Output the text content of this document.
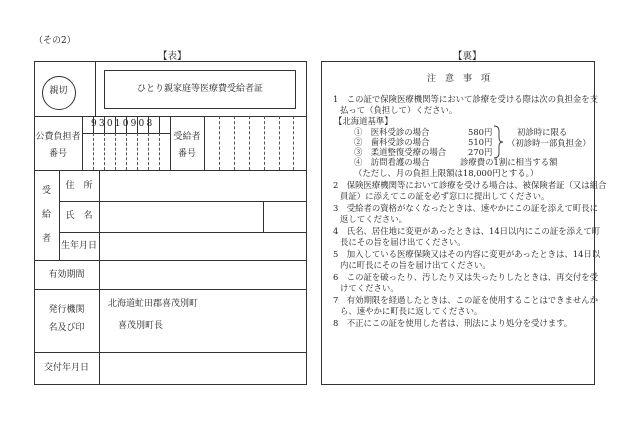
（その2）
【表】
親切	ひとり親家庭等医療費受給者証
公費負担者
番号
93010908
受給者
番号
受
給
者
住　所
氏　名
生年月日
有効期間
発行機関
名及び印
北海道虻田郡喜茂別町
喜茂別町長
交付年月日
【裏】
注　意　事　項
1　この証で保険医療機関等において診療を受ける際は次の負担金を支
払って（負担して）ください。
【北海道基準】
①　医科受診の場合	580円
②　歯科受診の場合	510円
③　柔道整復受療の場合	270円
④　訪問看護の場合	診療費の1割に相当する額
初診時に限る
（初診時一部負担金）
（ただし、月の負担上限額は18,000円とする。）
2　保険医療機関等において診療を受ける場合は、被保険者証（又は組合
員証）に添えてこの証を必ず窓口に提出してください。
3　受給者の資格がなくなったときは、速やかにこの証を添えて町長に
返してください。
4　氏名、居住地に変更があったときは、14日以内にこの証を添えて町
長にその旨を届け出てください。
5　加入している医療保険又はその内容に変更があったときは、14日以
内に町長にその旨を届け出てください。
6　この証を破ったり、汚したり又は失ったりしたときは、再交付を受
けてください。
7　有効期限を経過したときは、この証を使用することはできませんか
ら、速やかに町長に返してください。
8　不正にこの証を使用した者は、刑法により処分を受けます。
